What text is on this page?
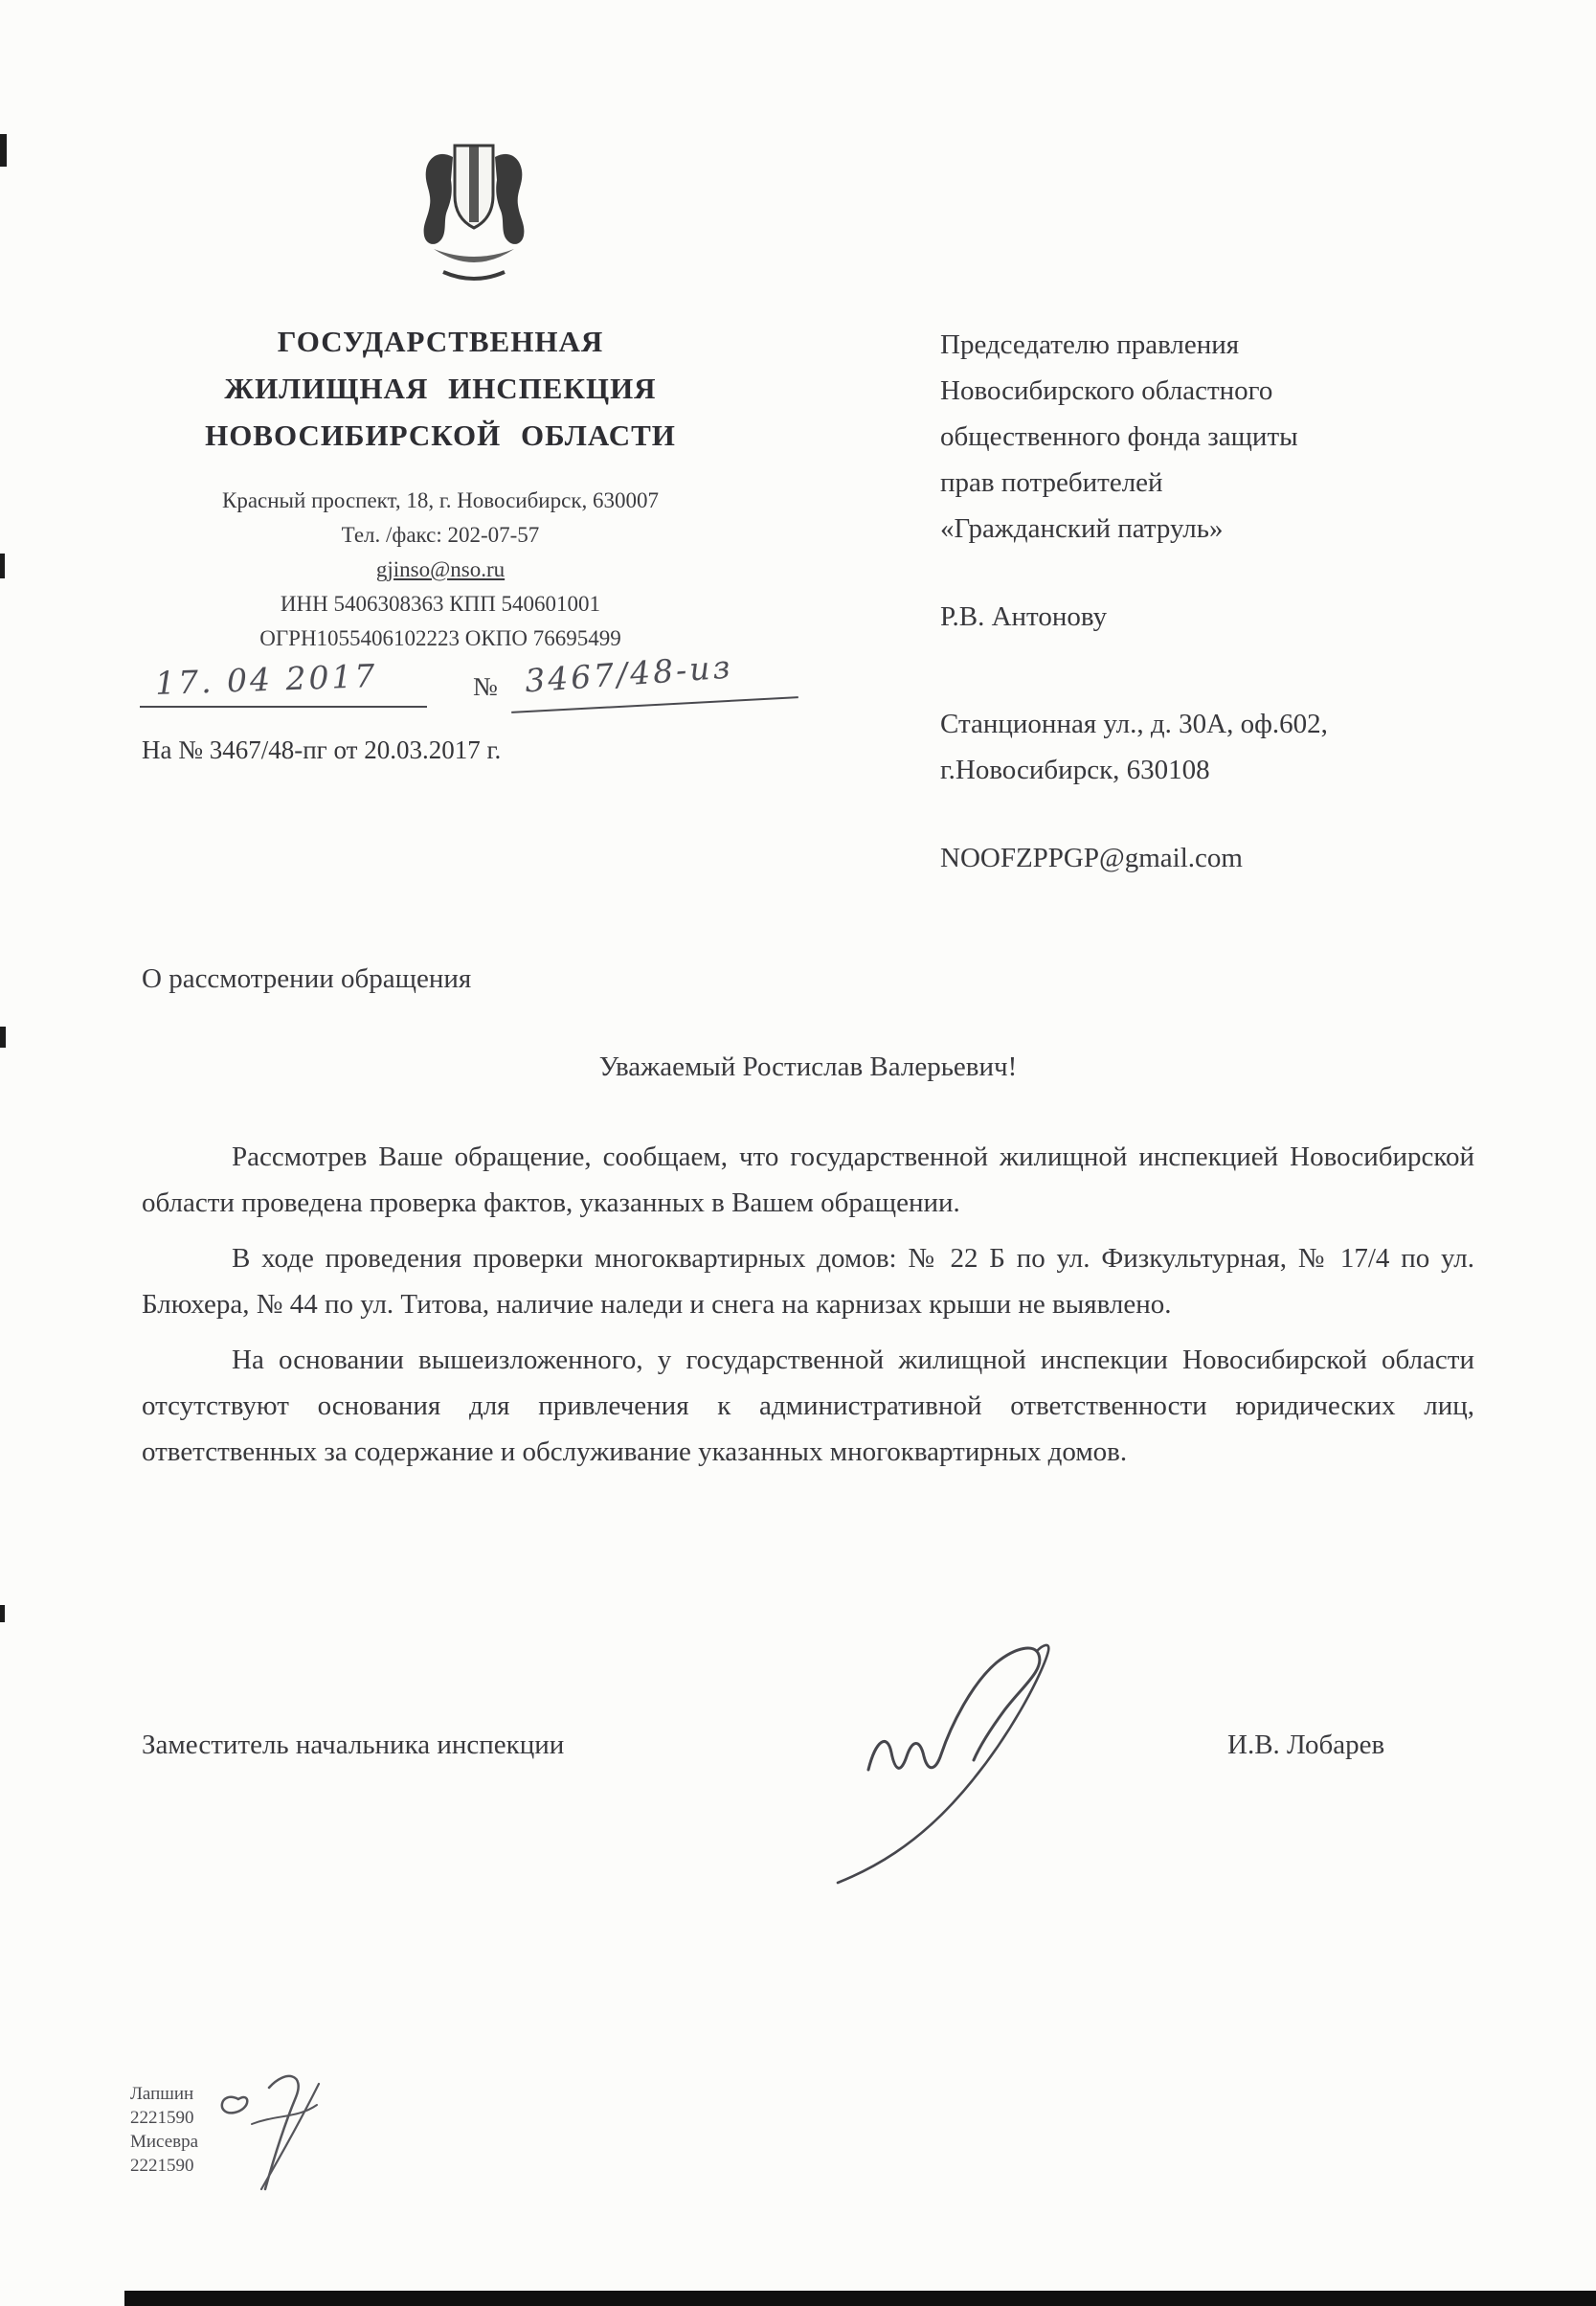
ГОСУДАРСТВЕННАЯ
ЖИЛИЩНАЯ ИНСПЕКЦИЯ
НОВОСИБИРСКОЙ ОБЛАСТИ
Красный проспект, 18, г. Новосибирск, 630007
Тел. /факс: 202-07-57
gjinso@nso.ru
ИНН 5406308363 КПП 540601001
ОГРН1055406102223 ОКПО 76695499
17. 04 2017	№ 3467/48-из
На № 3467/48-пг от 20.03.2017 г.
Председателю правления
Новосибирского областного
общественного фонда защиты
прав потребителей
«Гражданский патруль»
Р.В. Антонову
Станционная ул., д. 30А, оф.602,
г.Новосибирск, 630108
NOOFZPPGP@gmail.com
О рассмотрении обращения
Уважаемый Ростислав Валерьевич!

Рассмотрев Ваше обращение, сообщаем, что государственной жилищной инспекцией Новосибирской области проведена проверка фактов, указанных в Вашем обращении.

В ходе проведения проверки многоквартирных домов: № 22 Б по ул. Физкультурная, № 17/4 по ул. Блюхера, № 44 по ул. Титова, наличие наледи и снега на карнизах крыши не выявлено.

На основании вышеизложенного, у государственной жилищной инспекции Новосибирской области отсутствуют основания для привлечения к административной ответственности юридических лиц, ответственных за содержание и обслуживание указанных многоквартирных домов.

Заместитель начальника инспекции	И.В. Лобарев
Лапшин
2221590
Мисевра
2221590
